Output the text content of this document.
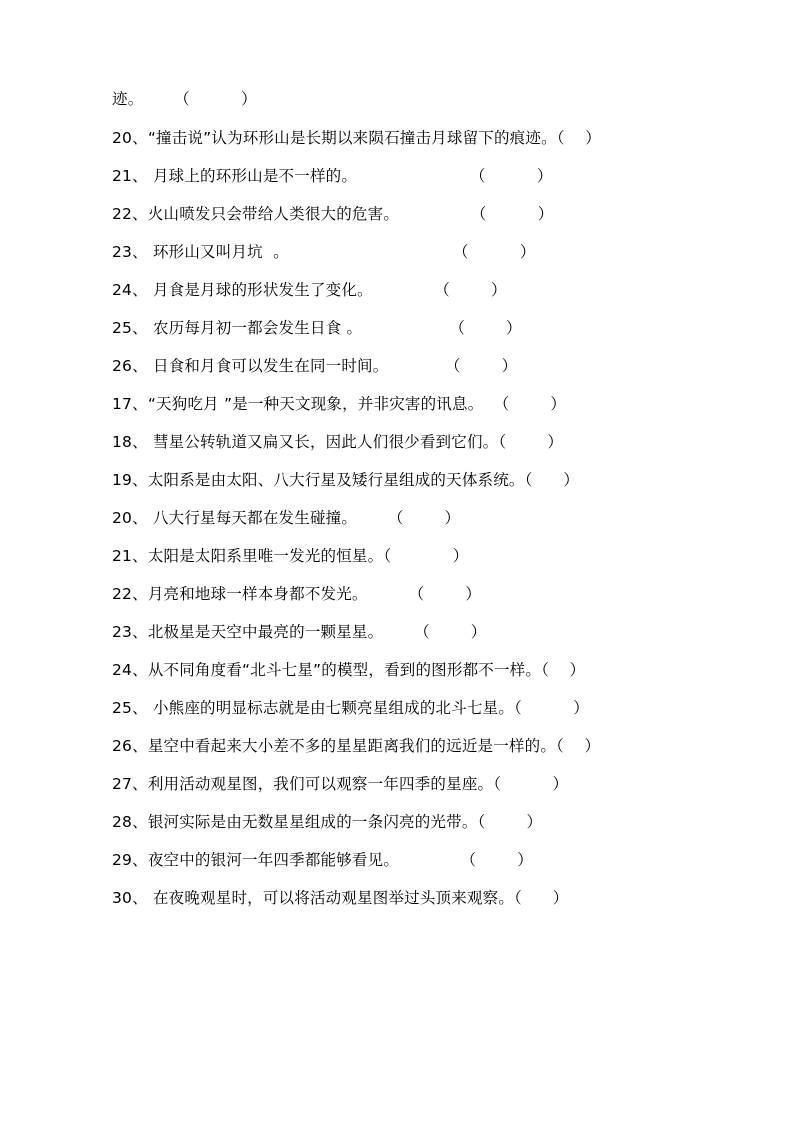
迹。      （          ）
20、“撞击说”认为环形山是长期以来陨石撞击月球留下的痕迹。（    ）
21、 月球上的环形山是不一样的。                      （          ）
22、火山喷发只会带给人类很大的危害。              （          ）
23、 环形山又叫月坑  。                                （          ）
24、 月食是月球的形状发生了变化。            （        ）
25、 农历每月初一都会发生日食 。                 （        ）
26、 日食和月食可以发生在同一时间。           （        ）
17、“天狗吃月 ”是一种天文现象，并非灾害的讯息。  （        ）
18、 彗星公转轨道又扁又长，因此人们很少看到它们。（        ）
19、太阳系是由太阳、八大行星及矮行星组成的天体系统。（      ）
20、 八大行星每天都在发生碰撞。      （        ）
21、太阳是太阳系里唯一发光的恒星。（            ）
22、月亮和地球一样本身都不发光。        （        ）
23、北极星是天空中最亮的一颗星星。      （        ）
24、从不同角度看“北斗七星”的模型，看到的图形都不一样。（    ）
25、 小熊座的明显标志就是由七颗亮星组成的北斗七星。（          ）
26、星空中看起来大小差不多的星星距离我们的远近是一样的。（    ）
27、利用活动观星图，我们可以观察一年四季的星座。（          ）
28、银河实际是由无数星星组成的一条闪亮的光带。（        ）
29、夜空中的银河一年四季都能够看见。            （        ）
30、 在夜晚观星时，可以将活动观星图举过头顶来观察。（      ）
